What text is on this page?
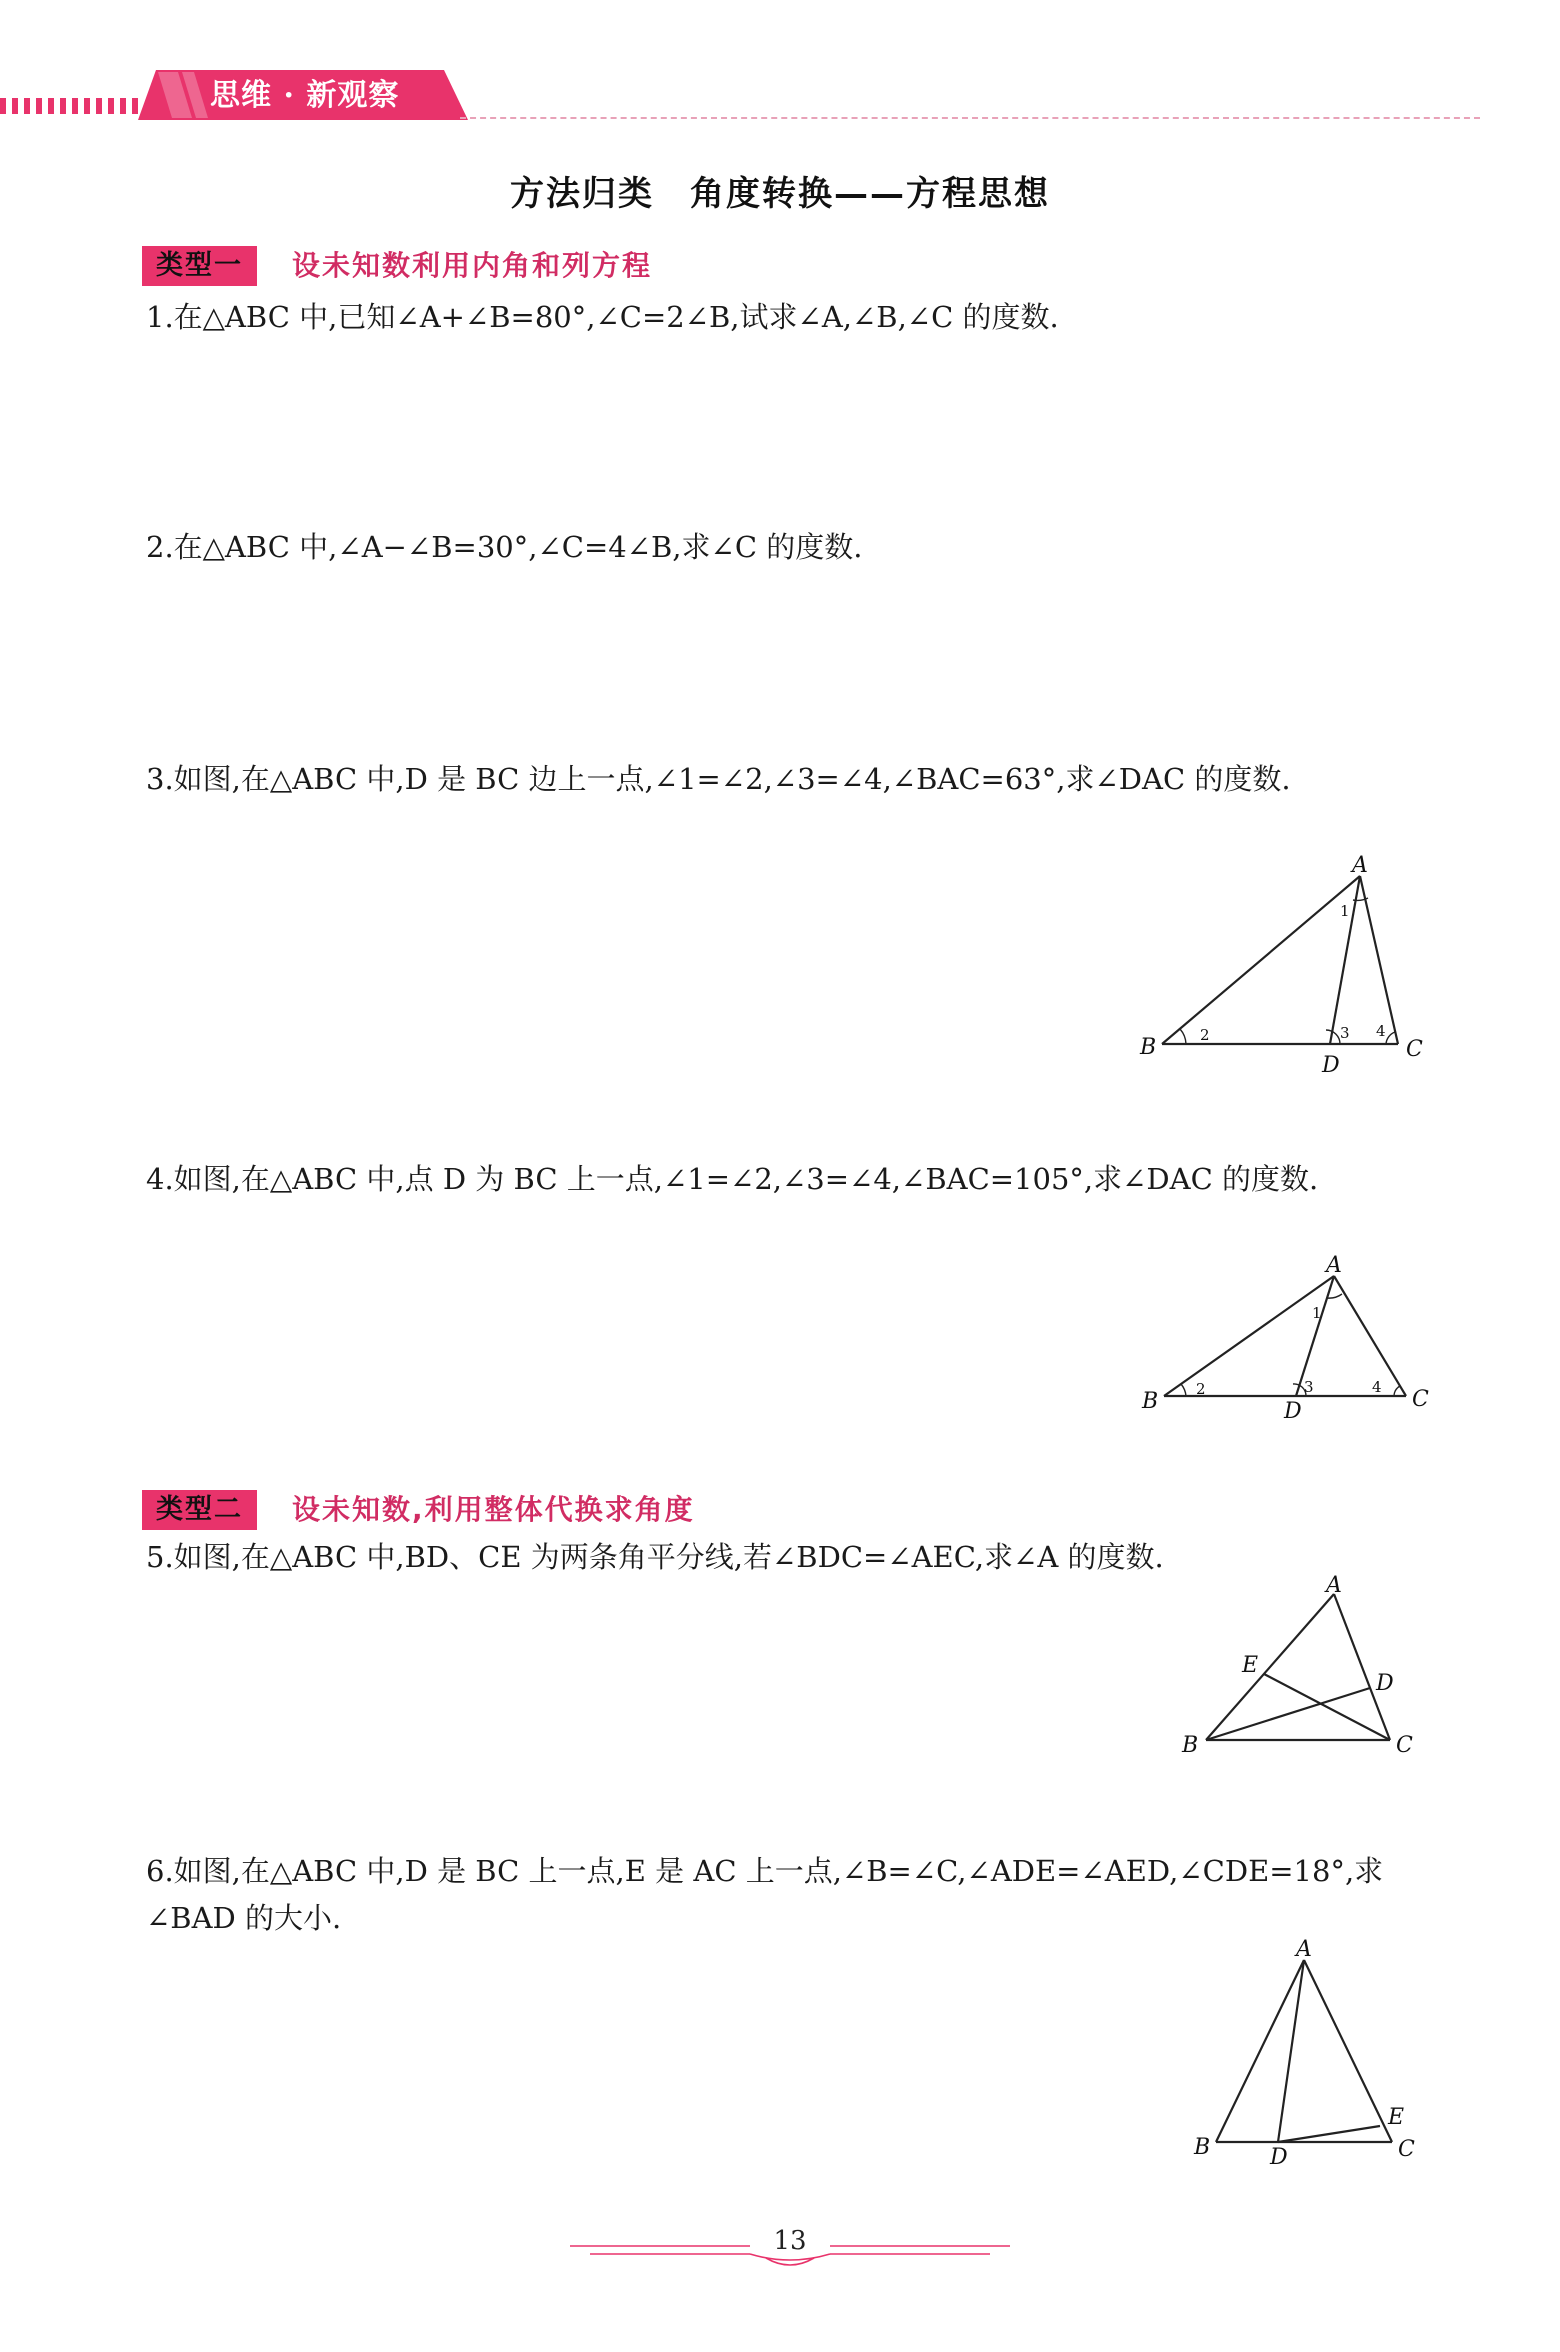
思维 · 新观察
方法归类　角度转换——方程思想
类型一	设未知数利用内角和列方程
1.在△ABC 中,已知∠A+∠B=80°,∠C=2∠B,试求∠A,∠B,∠C 的度数.
2.在△ABC 中,∠A−∠B=30°,∠C=4∠B,求∠C 的度数.
3.如图,在△ABC 中,D 是 BC 边上一点,∠1=∠2,∠3=∠4,∠BAC=63°,求∠DAC 的度数.
A
B	C
D
1
2	3 4
4.如图,在△ABC 中,点 D 为 BC 上一点,∠1=∠2,∠3=∠4,∠BAC=105°,求∠DAC 的度数.
A
B	C
D
1
2	3	4
类型二	设未知数,利用整体代换求角度
5.如图,在△ABC 中,BD、CE 为两条角平分线,若∠BDC=∠AEC,求∠A 的度数.
A
B	C
D
E
6.如图,在△ABC 中,D 是 BC 上一点,E 是 AC 上一点,∠B=∠C,∠ADE=∠AED,∠CDE=18°,求∠BAD 的大小.
A
B	C
D
E
13
